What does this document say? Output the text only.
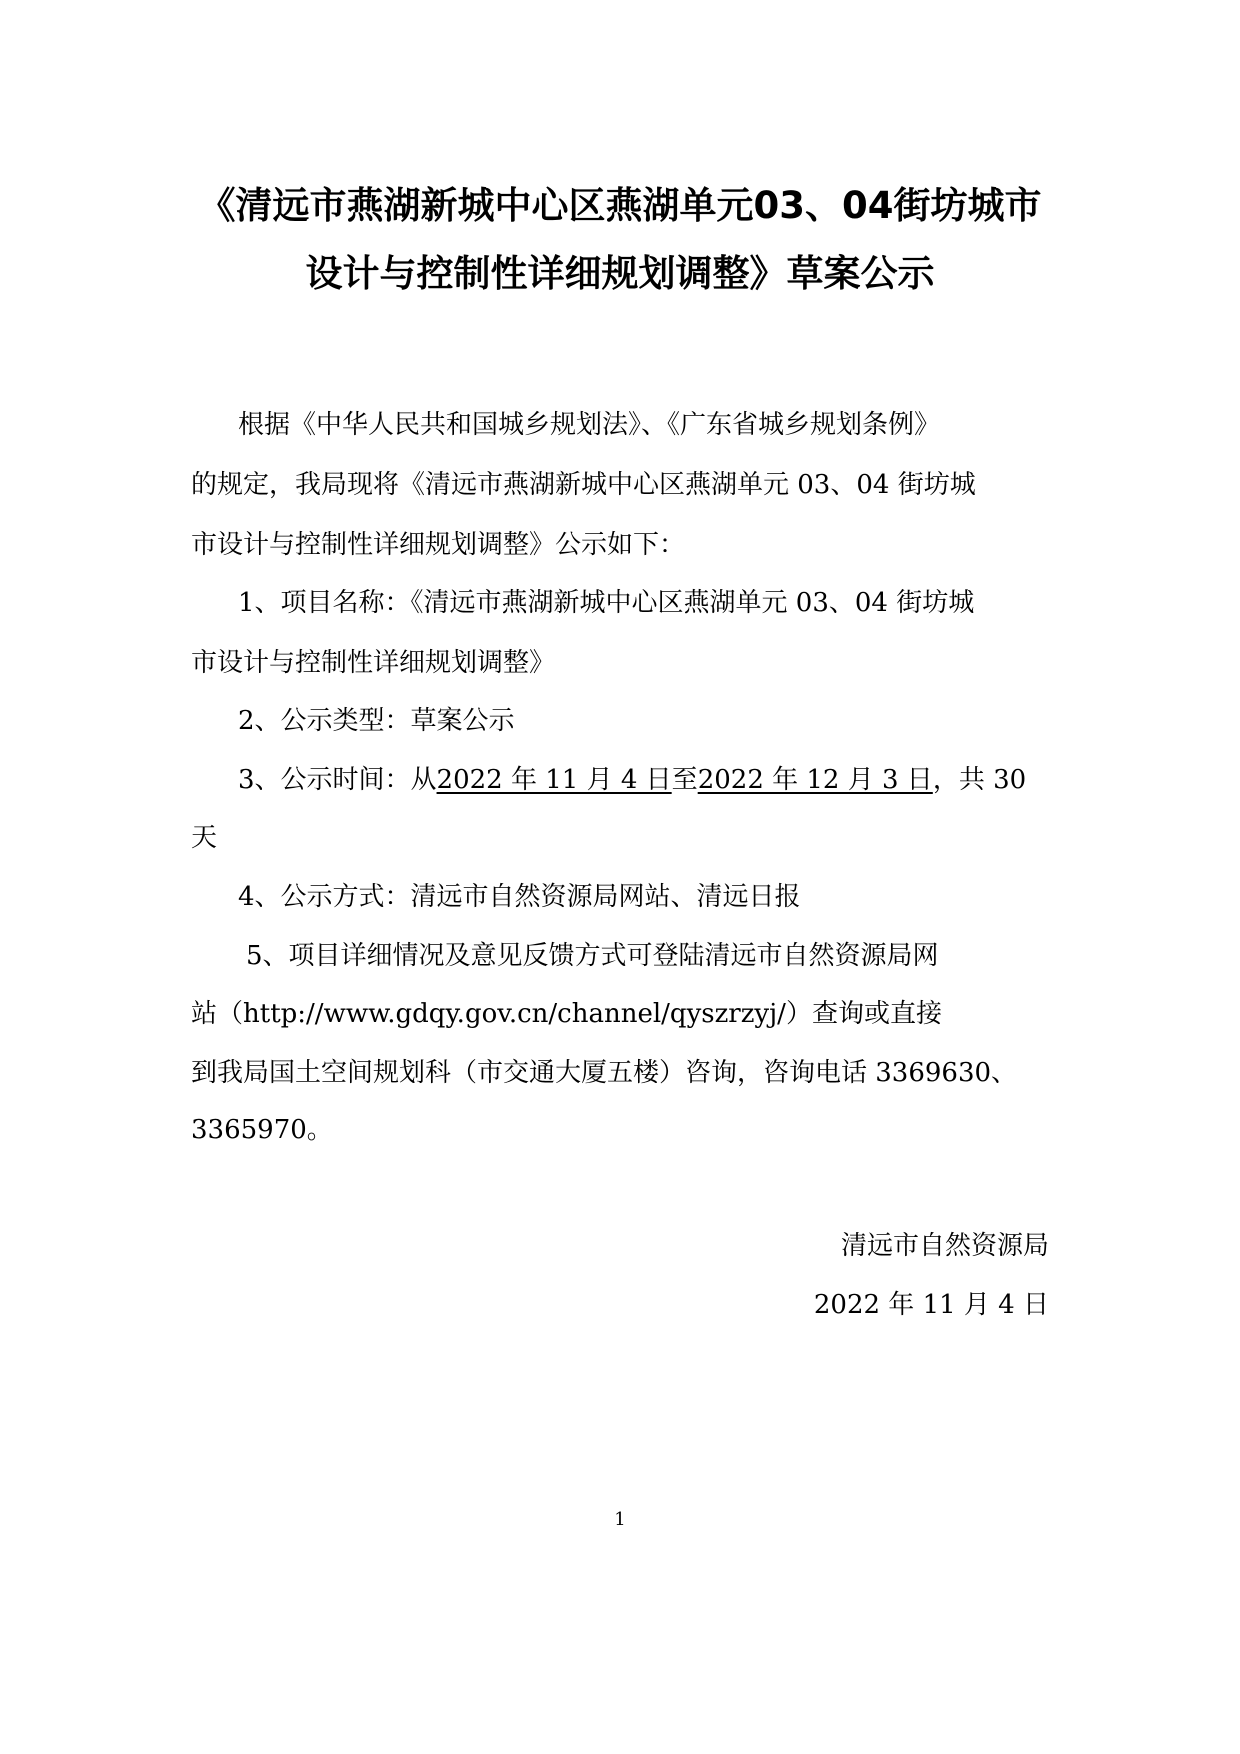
《清远市燕湖新城中心区燕湖单元03、04街坊城市
设计与控制性详细规划调整》草案公示
根据《中华人民共和国城乡规划法》、《广东省城乡规划条例》
的规定，我局现将《清远市燕湖新城中心区燕湖单元 03、04 街坊城
市设计与控制性详细规划调整》公示如下：
1、项目名称：《清远市燕湖新城中心区燕湖单元 03、04 街坊城
市设计与控制性详细规划调整》
2、公示类型：草案公示
3、公示时间：从2022 年 11 月 4 日至2022 年 12 月 3 日，共 30
天
4、公示方式：清远市自然资源局网站、清远日报
5、项目详细情况及意见反馈方式可登陆清远市自然资源局网
站（http://www.gdqy.gov.cn/channel/qyszrzyj/）查询或直接
到我局国土空间规划科（市交通大厦五楼）咨询，咨询电话 3369630、
3365970。
清远市自然资源局
2022 年 11 月 4 日
1
